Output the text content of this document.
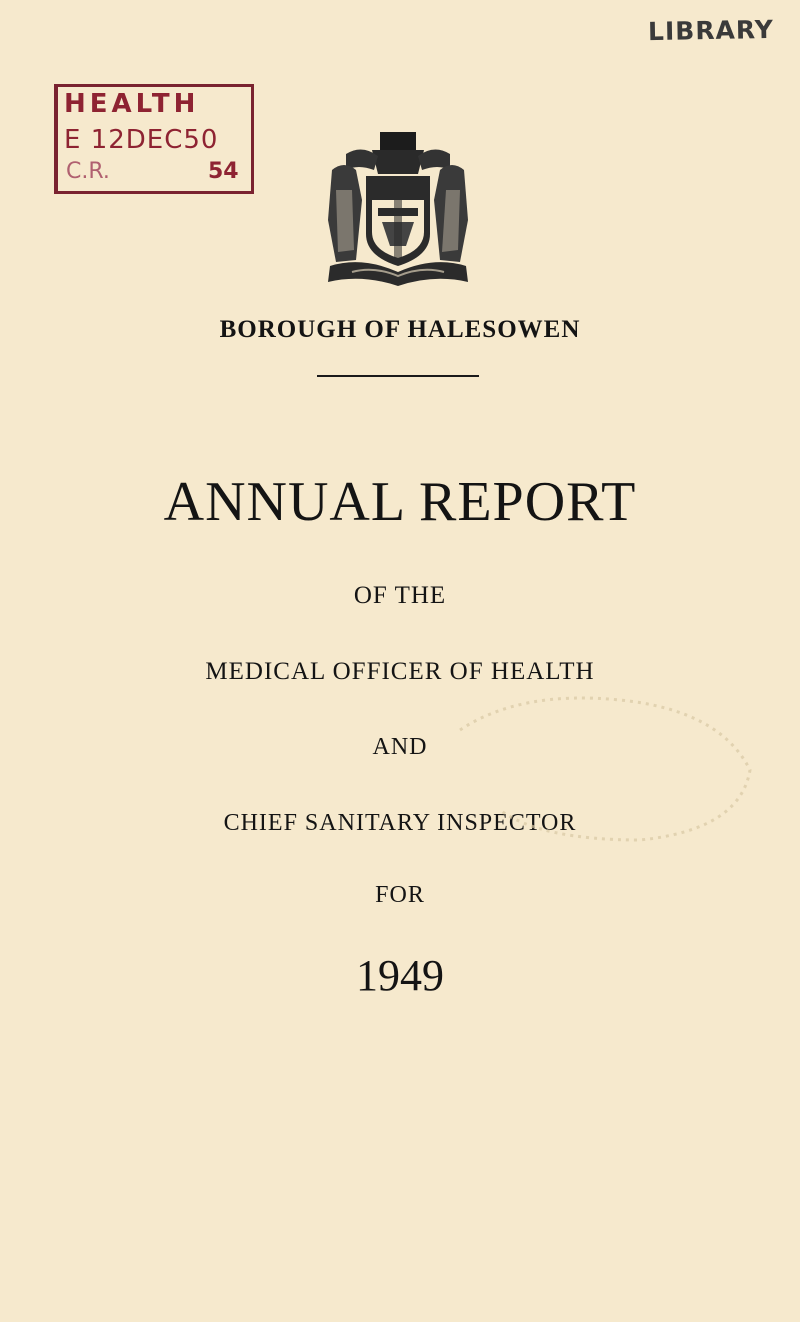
LIBRARY
HEALTH
E 12DEC50
C.R.	54

BOROUGH OF HALESOWEN

ANNUAL REPORT

OF THE

MEDICAL OFFICER OF HEALTH

AND

CHIEF SANITARY INSPECTOR

FOR

1949
